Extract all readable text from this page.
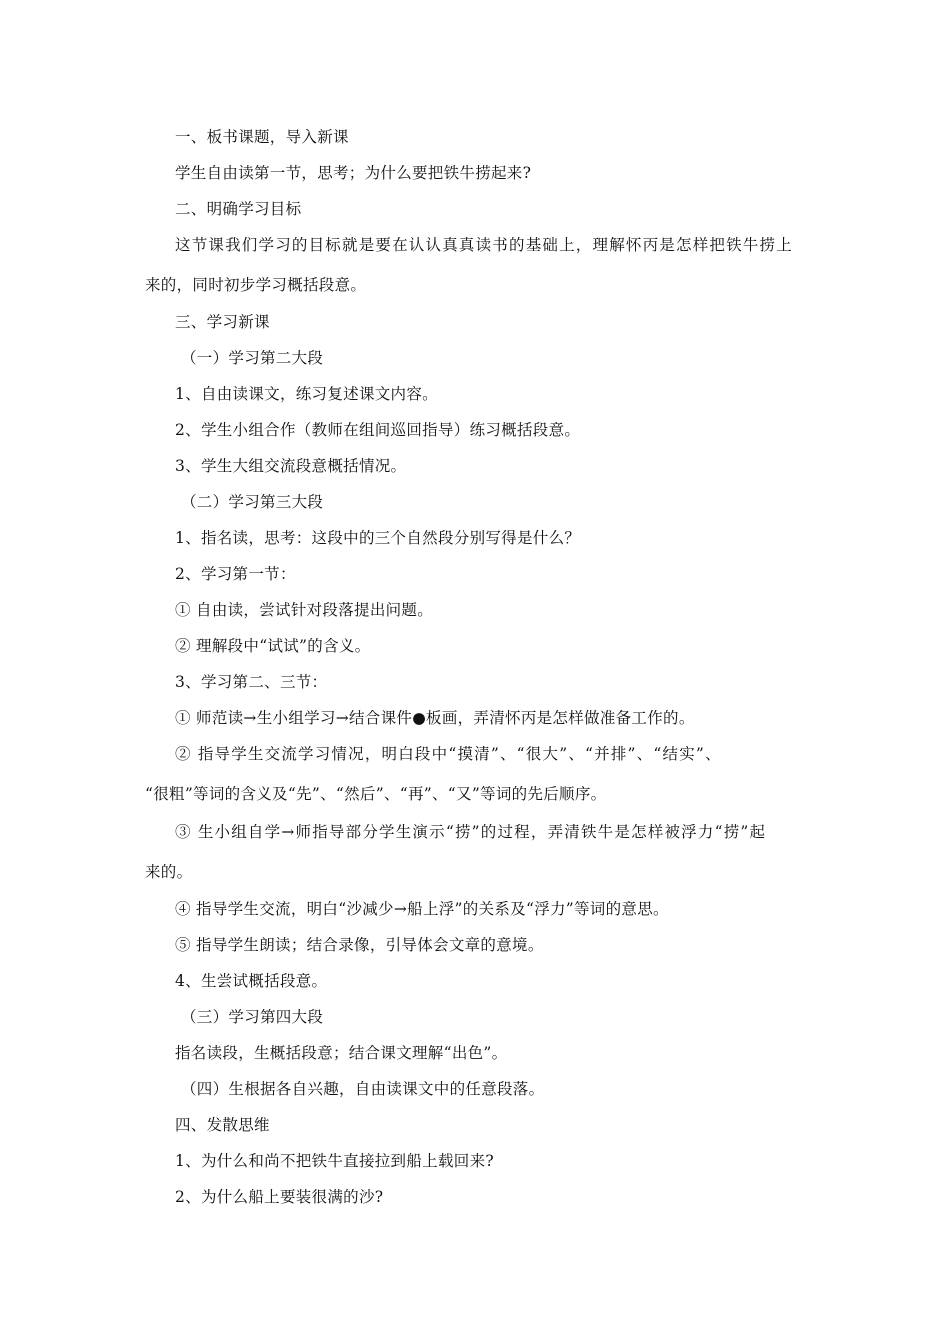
一、板书课题，导入新课
学生自由读第一节，思考；为什么要把铁牛捞起来?
二、明确学习目标
这节课我们学习的目标就是要在认认真真读书的基础上，理解怀丙是怎样把铁牛捞上
来的，同时初步学习概括段意。
三、学习新课
（一）学习第二大段
1、自由读课文，练习复述课文内容。
2、学生小组合作（教师在组间巡回指导）练习概括段意。
3、学生大组交流段意概括情况。
（二）学习第三大段
1、指名读，思考：这段中的三个自然段分别写得是什么？
2、学习第一节：
① 自由读，尝试针对段落提出问题。
② 理解段中“试试”的含义。
3、学习第二、三节：
① 师范读→生小组学习→结合课件●板画，弄清怀丙是怎样做准备工作的。
② 指导学生交流学习情况，明白段中“摸清”、“很大”、“并排”、“结实”、
“很粗”等词的含义及“先”、“然后”、“再”、“又”等词的先后顺序。
③ 生小组自学→师指导部分学生演示“捞”的过程，弄清铁牛是怎样被浮力“捞”起
来的。
④ 指导学生交流，明白“沙减少→船上浮”的关系及“浮力”等词的意思。
⑤ 指导学生朗读；结合录像，引导体会文章的意境。
4、生尝试概括段意。
（三）学习第四大段
指名读段，生概括段意；结合课文理解“出色”。
（四）生根据各自兴趣，自由读课文中的任意段落。
四、发散思维
1、为什么和尚不把铁牛直接拉到船上载回来?
2、为什么船上要装很满的沙?
